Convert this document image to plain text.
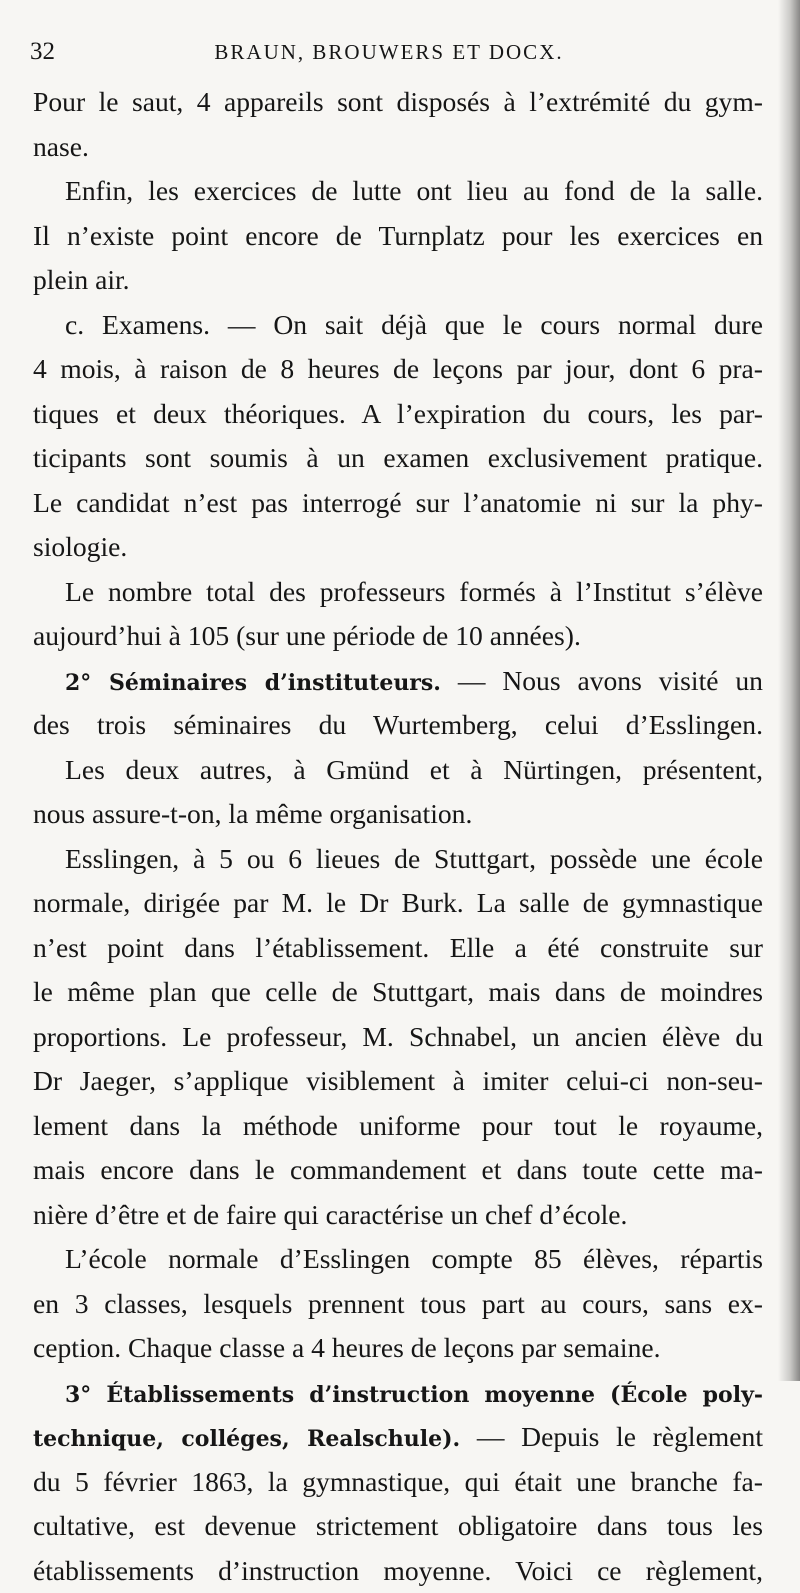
32	BRAUN, BROUWERS ET DOCX.
Pour le saut, 4 appareils sont disposés à l’extrémité du gym-
nase.
Enfin, les exercices de lutte ont lieu au fond de la salle.
Il n’existe point encore de Turnplatz pour les exercices en
plein air.
c. Examens. — On sait déjà que le cours normal dure
4 mois, à raison de 8 heures de leçons par jour, dont 6 pra-
tiques et deux théoriques. A l’expiration du cours, les par-
ticipants sont soumis à un examen exclusivement pratique.
Le candidat n’est pas interrogé sur l’anatomie ni sur la phy-
siologie.
Le nombre total des professeurs formés à l’Institut s’élève
aujourd’hui à 105 (sur une période de 10 années).
2° Séminaires d’instituteurs. — Nous avons visité un
des trois séminaires du Wurtemberg, celui d’Esslingen.
Les deux autres, à Gmünd et à Nürtingen, présentent,
nous assure-t-on, la même organisation.
Esslingen, à 5 ou 6 lieues de Stuttgart, possède une école
normale, dirigée par M. le Dr Burk. La salle de gymnastique
n’est point dans l’établissement. Elle a été construite sur
le même plan que celle de Stuttgart, mais dans de moindres
proportions. Le professeur, M. Schnabel, un ancien élève du
Dr Jaeger, s’applique visiblement à imiter celui-ci non-seu-
lement dans la méthode uniforme pour tout le royaume,
mais encore dans le commandement et dans toute cette ma-
nière d’être et de faire qui caractérise un chef d’école.
L’école normale d’Esslingen compte 85 élèves, répartis
en 3 classes, lesquels prennent tous part au cours, sans ex-
ception. Chaque classe a 4 heures de leçons par semaine.
3° Établissements d’instruction moyenne (École poly-
technique, colléges, Realschule). — Depuis le règlement
du 5 février 1863, la gymnastique, qui était une branche fa-
cultative, est devenue strictement obligatoire dans tous les
établissements d’instruction moyenne. Voici ce règlement,
